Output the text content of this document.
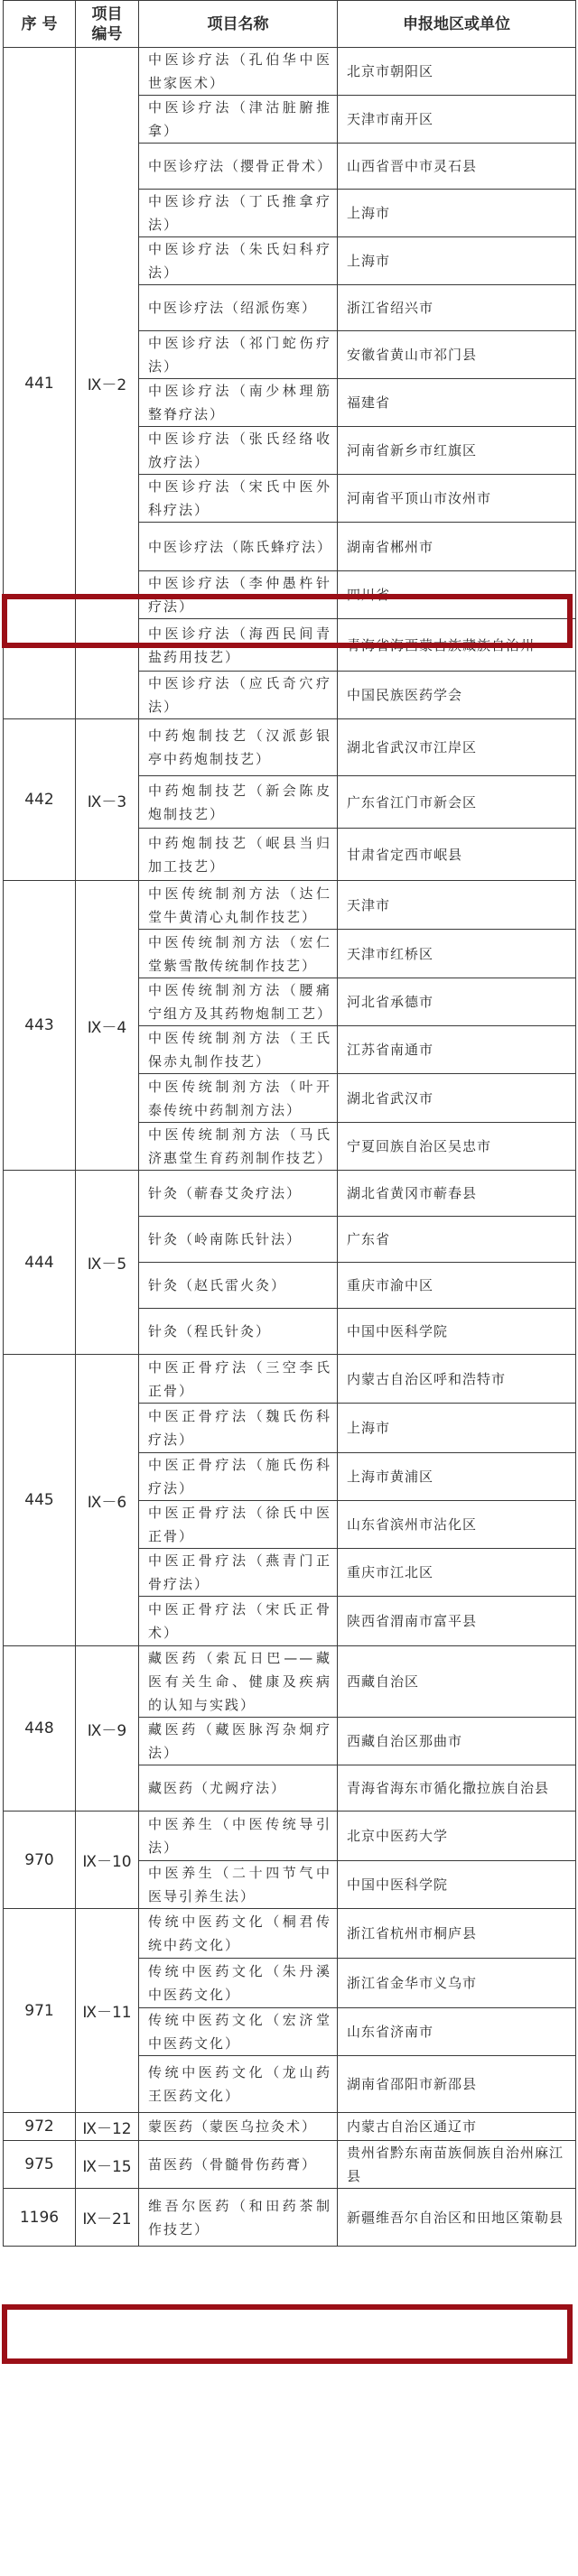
序 号	项目编号	项目名称	申报地区或单位
441	Ⅸ－2	中医诊疗法（孔伯华中医世家医术）	北京市朝阳区
		中医诊疗法（津沽脏腑推拿）	天津市南开区
		中医诊疗法（撄骨正骨术）	山西省晋中市灵石县
		中医诊疗法（丁氏推拿疗法）	上海市
		中医诊疗法（朱氏妇科疗法）	上海市
		中医诊疗法（绍派伤寒）	浙江省绍兴市
		中医诊疗法（祁门蛇伤疗法）	安徽省黄山市祁门县
		中医诊疗法（南少林理筋整脊疗法）	福建省
		中医诊疗法（张氏经络收放疗法）	河南省新乡市红旗区
		中医诊疗法（宋氏中医外科疗法）	河南省平顶山市汝州市
		中医诊疗法（陈氏蜂疗法）	湖南省郴州市
		中医诊疗法（李仲愚杵针疗法）	四川省
		中医诊疗法（海西民间青盐药用技艺）	青海省海西蒙古族藏族自治州
		中医诊疗法（应氏奇穴疗法）	中国民族医药学会
442	Ⅸ－3	中药炮制技艺（汉派彭银亭中药炮制技艺）	湖北省武汉市江岸区
		中药炮制技艺（新会陈皮炮制技艺）	广东省江门市新会区
		中药炮制技艺（岷县当归加工技艺）	甘肃省定西市岷县
443	Ⅸ－4	中医传统制剂方法（达仁堂牛黄清心丸制作技艺）	天津市
		中医传统制剂方法（宏仁堂紫雪散传统制作技艺）	天津市红桥区
		中医传统制剂方法（腰痛宁组方及其药物炮制工艺）	河北省承德市
		中医传统制剂方法（王氏保赤丸制作技艺）	江苏省南通市
		中医传统制剂方法（叶开泰传统中药制剂方法）	湖北省武汉市
		中医传统制剂方法（马氏济惠堂生育药剂制作技艺）	宁夏回族自治区吴忠市
444	Ⅸ－5	针灸（蕲春艾灸疗法）	湖北省黄冈市蕲春县
		针灸（岭南陈氏针法）	广东省
		针灸（赵氏雷火灸）	重庆市渝中区
		针灸（程氏针灸）	中国中医科学院
445	Ⅸ－6	中医正骨疗法（三空李氏正骨）	内蒙古自治区呼和浩特市
		中医正骨疗法（魏氏伤科疗法）	上海市
		中医正骨疗法（施氏伤科疗法）	上海市黄浦区
		中医正骨疗法（徐氏中医正骨）	山东省滨州市沾化区
		中医正骨疗法（燕青门正骨疗法）	重庆市江北区
		中医正骨疗法（宋氏正骨术）	陕西省渭南市富平县
448	Ⅸ－9	藏医药（索瓦日巴——藏医有关生命、健康及疾病的认知与实践）	西藏自治区
		藏医药（藏医脉泻杂炯疗法）	西藏自治区那曲市
		藏医药（尤阙疗法）	青海省海东市循化撒拉族自治县
970	Ⅸ－10	中医养生（中医传统导引法）	北京中医药大学
		中医养生（二十四节气中医导引养生法）	中国中医科学院
971	Ⅸ－11	传统中医药文化（桐君传统中药文化）	浙江省杭州市桐庐县
		传统中医药文化（朱丹溪中医药文化）	浙江省金华市义乌市
		传统中医药文化（宏济堂中医药文化）	山东省济南市
		传统中医药文化（龙山药王医药文化）	湖南省邵阳市新邵县
972	Ⅸ－12	蒙医药（蒙医乌拉灸术）	内蒙古自治区通辽市
975	Ⅸ－15	苗医药（骨髓骨伤药膏）	贵州省黔东南苗族侗族自治州麻江县
1196	Ⅸ－21	维吾尔医药（和田药茶制作技艺）	新疆维吾尔自治区和田地区策勒县
